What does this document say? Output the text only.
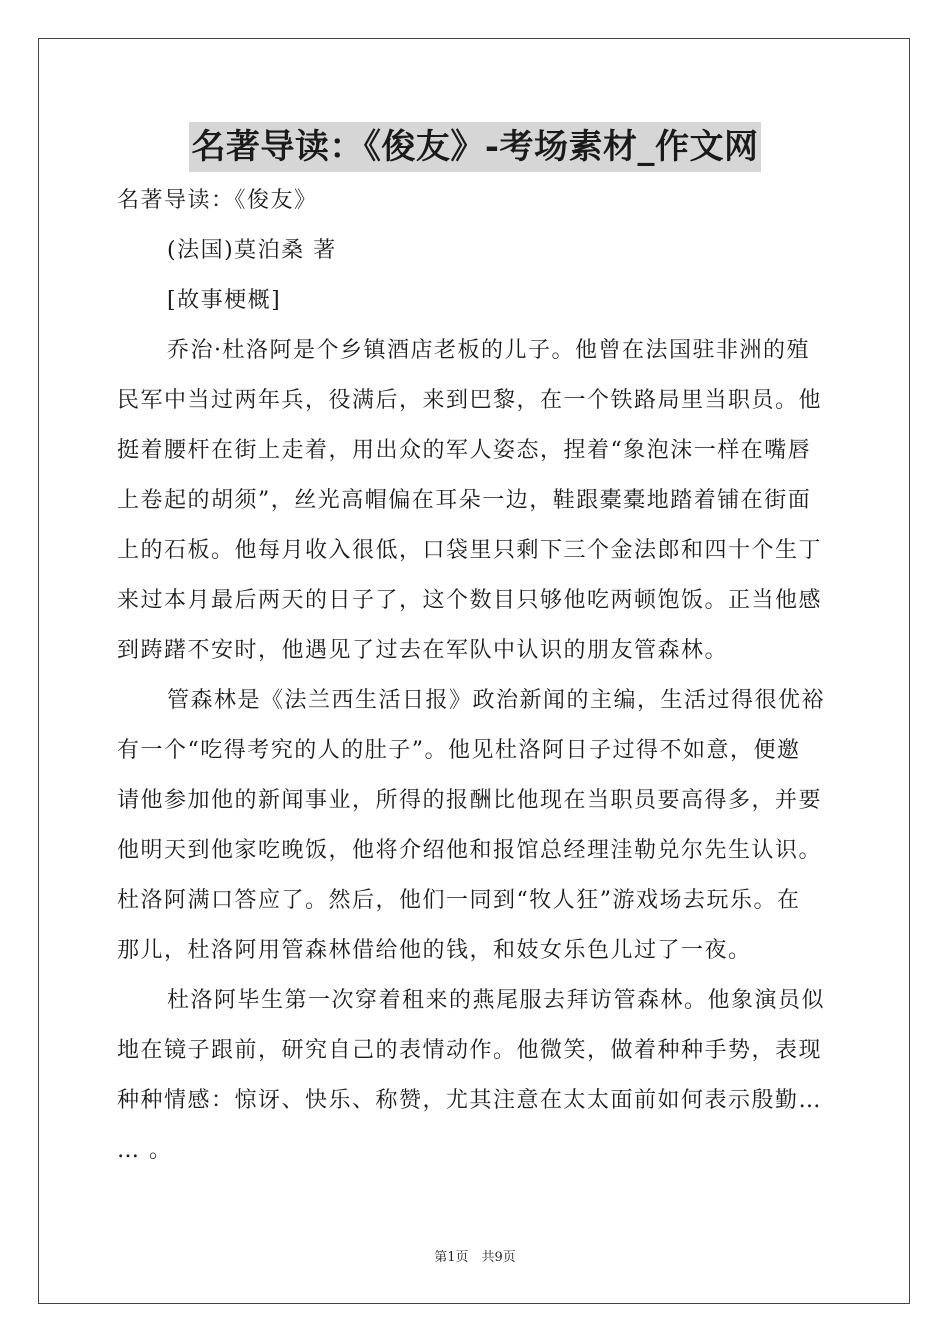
名著导读：《俊友》-考场素材_作文网

名著导读：《俊友》

(法国)莫泊桑 著

[故事梗概]

乔治·杜洛阿是个乡镇酒店老板的儿子。他曾在法国驻非洲的殖

民军中当过两年兵，役满后，来到巴黎，在一个铁路局里当职员。他

挺着腰杆在街上走着，用出众的军人姿态，捏着“象泡沫一样在嘴唇

上卷起的胡须”，丝光高帽偏在耳朵一边，鞋跟橐橐地踏着铺在街面

上的石板。他每月收入很低，口袋里只剩下三个金法郎和四十个生丁

来过本月最后两天的日子了，这个数目只够他吃两顿饱饭。正当他感

到踌躇不安时，他遇见了过去在军队中认识的朋友管森林。

管森林是《法兰西生活日报》政治新闻的主编，生活过得很优裕

有一个“吃得考究的人的肚子”。他见杜洛阿日子过得不如意，便邀

请他参加他的新闻事业，所得的报酬比他现在当职员要高得多，并要

他明天到他家吃晚饭，他将介绍他和报馆总经理洼勒兑尔先生认识。

杜洛阿满口答应了。然后，他们一同到“牧人狂”游戏场去玩乐。在

那儿，杜洛阿用管森林借给他的钱，和妓女乐色儿过了一夜。

杜洛阿毕生第一次穿着租来的燕尾服去拜访管森林。他象演员似

地在镜子跟前，研究自己的表情动作。他微笑，做着种种手势，表现

种种情感：惊讶、快乐、称赞，尤其注意在太太面前如何表示殷勤…

… 。

第1页　共9页
